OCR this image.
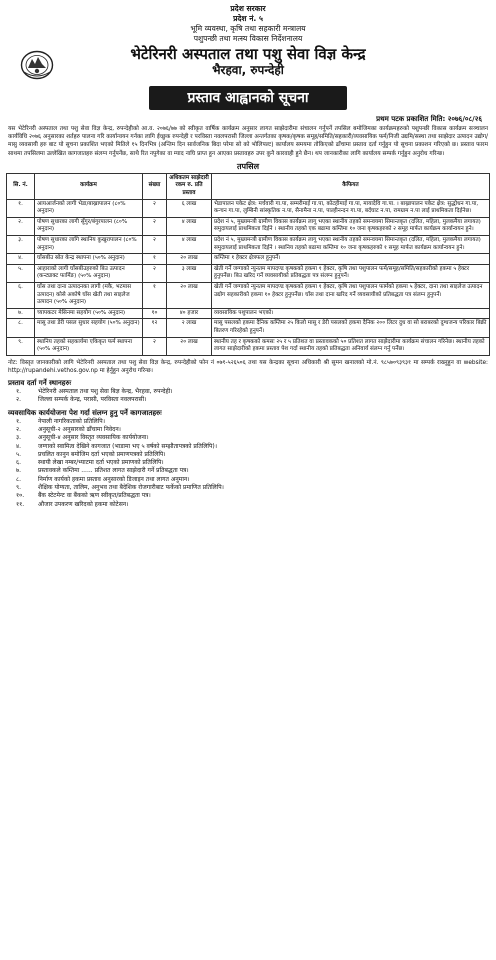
प्रदेश सरकार
प्रदेश नं. ५
भूमि व्यवस्था, कृषि तथा सहकारी मन्त्रालय
पशुपन्छी तथा मत्स्य विकास निर्देशनालय
भेटेरिनरी अस्पताल तथा पशु सेवा विज्ञ केन्द्र
भैरहवा, रुपन्देही
प्रस्ताव आह्वानको सूचना
प्रथम पटक प्रकाशित मिति: २०७६/०८/२६

यस भेटेरिनरी अस्पताल तथा पशु सेवा विज्ञ केन्द्र, रुपन्देहीको आ.व. २०७६/७७ को स्वीकृत वार्षिक कार्यक्रम अनुसार लागत साझेदारीमा संचालन गर्नुपर्ने तपसिल बमोजिमका कार्यक्रमहरुको पशुपन्छी विकास कार्यक्रम सञ्चालन कार्यविधि २०७६ अनुसारका शर्तहरु पालना गरि कार्यान्वयन गर्नका लागि ईच्छुक रुपन्देही र परविस्ता नवलपरासी जिल्ला अन्तर्गतका कृषक/कृषक समूह/समिति/सहकारी/व्यवसायिक फर्म/निजी उद्यमि/सस्था तथा साझेदार उत्पादन उद्योग/मासु व्यवसायी हरु बाट यो सूचना प्रकाशित भएको मितिले १५ दिनभित्र (अन्तिम दिन सार्वजनिक बिदा परेमा सो को भोलिपल्ट) कार्यालय समयमा तोकिएको ढाँचामा प्रस्ताव दर्ता गर्नुहुन यो सूचना प्रकाशन गरिएको छ। प्रस्ताव फारम साथमा तपसिलमा उल्लेखित कागजातहरु संलग्न गर्नुपर्नेछ, साथै रित नपुगेका वा म्याद नाघि प्राप्त हुन आएका प्रस्तावहरु उपर कुनै कारवाही हुने छैन। थप जानकारीका लागि कार्यालय सम्पर्क गर्नुहुन अनुरोध गरिन्छ।

तपसिल
सि. नं.	कार्यक्रम	संख्या	अधिकतम साझेदारी रकम रु. प्रति प्रस्ताव	कैफियत
१.	आयआर्जनको लागी भेडा/बाख्रापालन (८०% अनुदान)	२	६ लाख	भेडापालन पकेट क्षेत्र: मर्चवारी गा.पा, सम्मरीमाई गा.पा, कोटहीमाई गा.पा, मायादेवि गा.पा. । बाख्रापालन पकेट क्षेत्र: सुद्धोधन गा.पा, कन्चन गा.पा, लुम्बिनी सांस्कृतिक न.पा, सैनामैना न.पा, पाल्हीनन्दन गा.पा, बर्दघाट न.पा, रामग्राम न.पा लाई प्राथमिकता दिईनेछ।
२.	पोषण सुधारका लागी सुँगुर/बंगुरपालन (८०% अनुदान)	२	४ लाख	प्रदेश नं ५, मुख्यमन्त्री ग्रामीण विकास कार्यक्रम लागू भएका स्थानीय तहको समन्वयमा सिमान्तकृत (दलित, महिला, मुलकमैया लगायत) समुदायलाई प्राथमिकता दिईने । स्थानीय तहको एक बढामा कम्तिमा १० जना कृषकहरुको २ समूह मार्फत कार्यक्रम कार्यान्वयन हुने।
३.	पोषण सुधारका लागि स्थानिय कुखुरापालन (८०% अनुदान)	२	४ लाख	प्रदेश नं ५, मुख्यमन्त्री ग्रामीण विकास कार्यक्रम लागू भएका स्थानीय तहको समन्वयमा सिमान्तकृत (दलित, महिला, मुलकमैया लगायत) समुदायलाई प्राथमिकता दिईने । स्थानिय तहको बढामा कम्तिमा १० जना कृषकहरुको १ समूह मार्फत कार्यक्रम कार्यान्वयन हुने।
४.	घाँसबीउ स्रोत केन्द्र स्थापना (५०% अनुदान)	१	२० लाख	कम्तिमा १ हेक्टर क्षेत्रफल हुनुपर्ने।
५.	आहाराको लागी घाँसबीउहरुको बिउ उत्पादन (कन्ट्याक्ट फार्मिङ) (५०% अनुदान)	२	३ लाख	खेती गर्ने जग्गाको न्युनतम मापदण्ड कृषकको हकमा १ हेक्टर, कृषि तथा पशुपालन फर्म/समूह/समिति/सहकारीको हकमा ५ हेक्टर हुनुपर्नेछ। बिउ खरिद गर्ने व्यवसायीको प्रतिबद्धता पत्र संलग्न हुनुपर्ने।
६.	घाँस तथा दाना उत्पादनका लागी (मकै, भटमास उत्पादन) कोसे अकोषे घाँस खेती तथा साइलेज उत्पादन (५०% अनुदान)	१	२० लाख	खेती गर्ने जग्गाको न्युनतम मापदण्ड कृषकको हकमा १ हेक्टर, कृषि तथा पशुपालन फार्मको हकमा ५ हेक्टर, दाना तथा साइलेज उत्पादन उद्योग सहकारीको हकमा १० हेक्टर हुनुपर्नेछ। घाँस तथा दाना खरिद गर्ने व्यवसायीको प्रतिबद्धता पत्र संलग्न हुनुपर्ने।
७.	च्यापकटर मेसिनमा सहयोग (५०% अनुदान)	१०	४० हजार	व्यवसायिक पशुपालन भएको।
८.	मासु तथा डेरी पसल सुधार सहयोग (५०% अनुदान)	१२	२ लाख	मासु पसलको हकमा दैनिक कम्तिमा २५ किलो मासु र डेरी पसलको हकमा दैनिक २०० लिटर दुध वा सो बराबरको दुग्धजन्य परिकार बिक्री बितरण गरिरहेको हुनुपर्ने।
९.	स्थानिय तहको सहकार्यमा एकिकृत फर्म स्थापना (५०% अनुदान)	२	२० लाख	स्थानीय तह र कृषकको कमसः २५ र ५ प्रतिशत वा प्रस्तावकको ५० प्रतिशत लागत साझेदारीमा कार्यक्रम संचालन गरिनेछ। स्थानीय तहको लागत साझेदारीको हकमा प्रस्ताव पेश गर्दा स्थानीय तहको प्रतिबद्धता अनिवार्य संलग्न गर्नु पर्नेछ।

नोट: विस्तृत जानकारीको लागि भेटेरिनरी अस्पताल तथा पशु सेवा विज्ञ केन्द्र, रुपन्देहीको फोन नं ०७१-५२६५०६ तथा यस केन्द्रका सूचना अधिकारी श्री सुमन खनालको मो.नं. ९८५७०९३९३१ मा सम्पर्क राख्नुहुन वा website: http://rupandehi.vethos.gov.np मा हेर्नुहुन अनुरोध गरिन्छ।

प्रस्ताव दर्ता गर्ने स्थानहरुः
१.	भेटेरिनरी अस्पताल तथा पशु सेवा बिज्ञ केन्द्र, भैरहवा, रुपन्देही।
२.	जिल्ला सम्पर्क केन्द्र, परासी, परविस्ता नवलपरासी।
व्यवसायिक कार्ययोजना पेश गर्दा संलग्न हुनु पर्ने कागजातहरुः
१.	नेपाली नागरिकताको प्रतिलिपि।
२.	अनुसूची-२ अनुसारको ढाँचामा निवेदन।
३.	अनुसूची-४ अनुसार विस्तृत व्यवसायिक कार्ययोजना।
४.	जग्गाको स्वामित्व देखिने कागजात (भाडामा भए ५ वर्षको सम्झौतापत्रको प्रतिलिपि)।
५.	प्रचलित कानुन बमोजिम दर्ता भएको प्रमाणपत्रको प्रतिलिपि।
६.	स्थायी लेखा नम्बर/भ्याटमा दर्ता भएको प्रमाणको प्रतिलिपि।
७.	प्रस्तावकले कम्तिमा ...... प्रतिशत लागत साझेदारी गर्ने प्रतिबद्धता पत्र।
८.	निर्माण कार्यको हकमा प्रस्ताव अनुसारको डिजाइन तथा लागत अनुमान।
९.	शैक्षिक योग्यता, तालिम, अनुभव तथा बैदेशिक रोजगारीबाट फर्केको प्रमाणित प्रतिलिपि।
१०.	बैंक स्टेटमेन्ट वा बैंकको ऋण स्वीकृत/प्रतिबद्धता पत्र।
११.	औजार उपकरण खरिदको हकमा कोटेसन।
